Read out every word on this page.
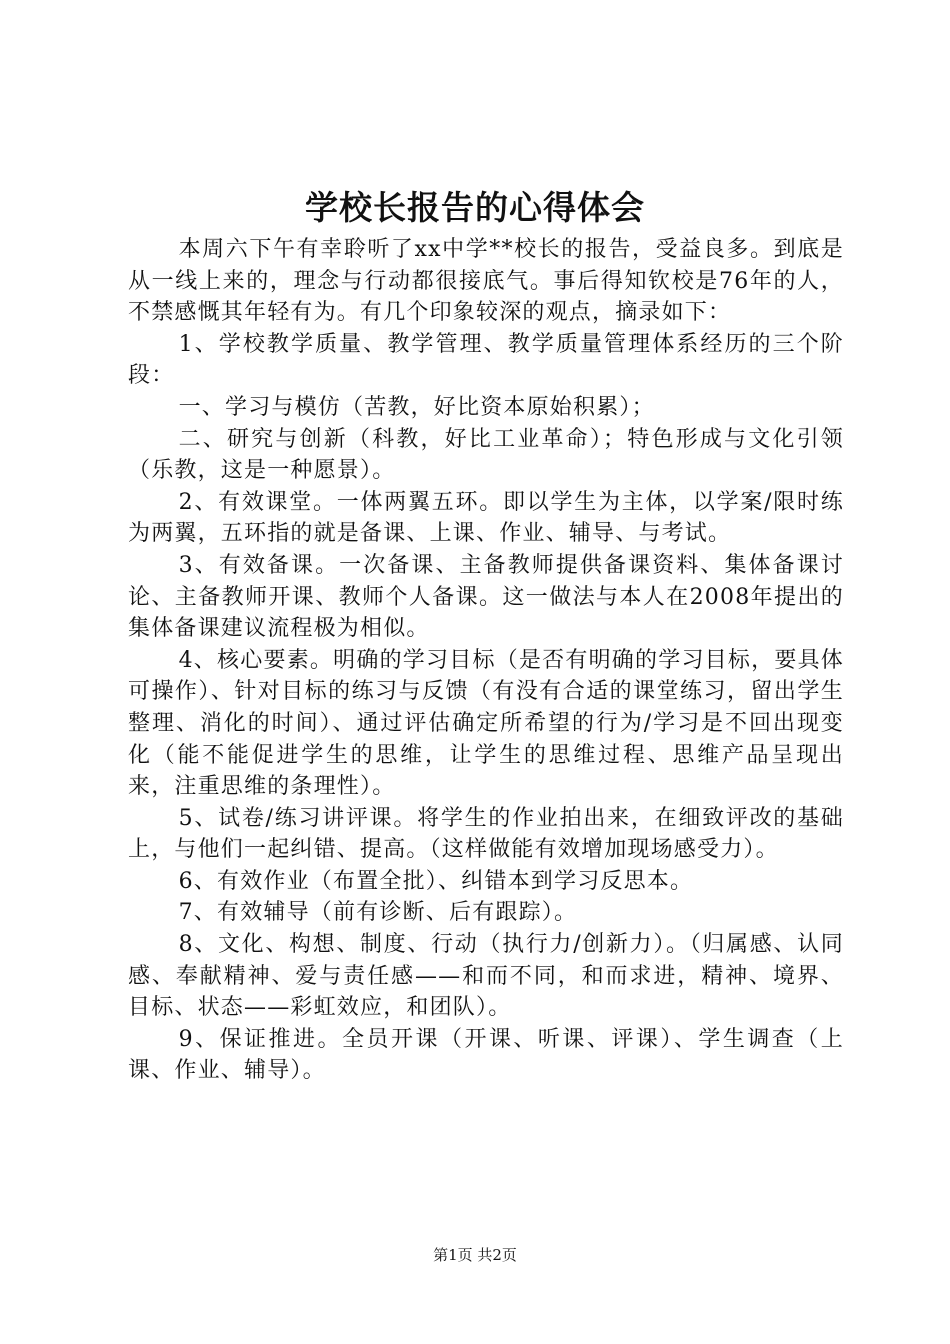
学校长报告的心得体会

本周六下午有幸聆听了xx中学**校长的报告，受益良多。到底是从一线上来的，理念与行动都很接底气。事后得知钦校是76年的人，不禁感慨其年轻有为。有几个印象较深的观点，摘录如下：

1、学校教学质量、教学管理、教学质量管理体系经历的三个阶段：

一、学习与模仿（苦教，好比资本原始积累）；

二、研究与创新（科教，好比工业革命）；特色形成与文化引领（乐教，这是一种愿景）。

2、有效课堂。一体两翼五环。即以学生为主体，以学案/限时练为两翼，五环指的就是备课、上课、作业、辅导、与考试。

3、有效备课。一次备课、主备教师提供备课资料、集体备课讨论、主备教师开课、教师个人备课。这一做法与本人在2008年提出的集体备课建议流程极为相似。

4、核心要素。明确的学习目标（是否有明确的学习目标，要具体可操作）、针对目标的练习与反馈（有没有合适的课堂练习，留出学生整理、消化的时间）、通过评估确定所希望的行为/学习是不回出现变化（能不能促进学生的思维，让学生的思维过程、思维产品呈现出来，注重思维的条理性）。

5、试卷/练习讲评课。将学生的作业拍出来，在细致评改的基础上，与他们一起纠错、提高。（这样做能有效增加现场感受力）。

6、有效作业（布置全批）、纠错本到学习反思本。

7、有效辅导（前有诊断、后有跟踪）。

8、文化、构想、制度、行动（执行力/创新力）。（归属感、认同感、奉献精神、爱与责任感——和而不同，和而求进，精神、境界、目标、状态——彩虹效应，和团队）。

9、保证推进。全员开课（开课、听课、评课）、学生调查（上课、作业、辅导）。

第1页 共2页
